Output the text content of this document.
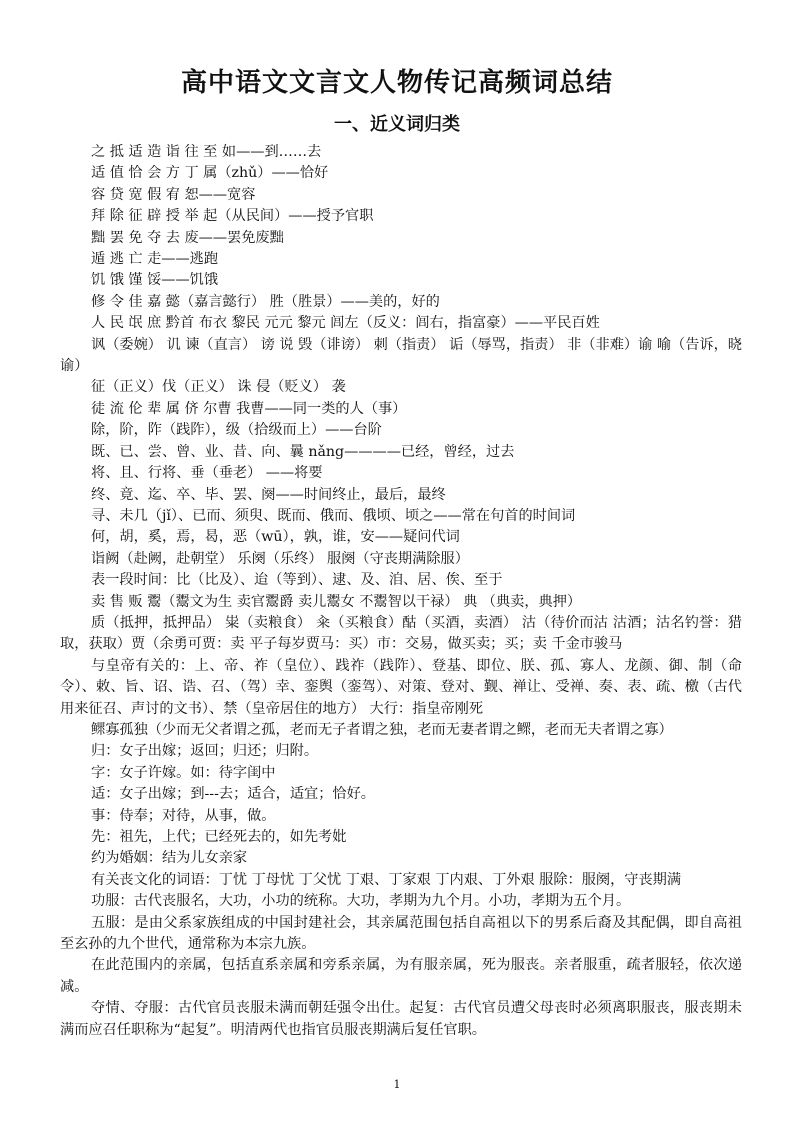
高中语文文言文人物传记高频词总结
一、近义词归类

之 抵 适 造 诣 往 至 如——到……去

适 值 恰 会 方 丁 属（zhǔ）——恰好

容 贷 宽 假 宥 恕——宽容

拜 除 征 辟 授 举 起（从民间）——授予官职

黜 罢 免 夺 去 废——罢免废黜

遁 逃 亡 走——逃跑

饥 饿 馑 馁——饥饿

修 令 佳 嘉 懿（嘉言懿行） 胜（胜景）——美的，好的

人 民 氓 庶 黔首 布衣 黎民 元元 黎元 闾左（反义：闾右，指富豪）——平民百姓

讽（委婉） 讥 谏（直言） 谤 说 毁（诽谤） 刺（指责） 诟（辱骂，指责） 非（非难）谕 喻（告诉，晓谕）

征（正义）伐（正义） 诛 侵（贬义） 袭

徒 流 伦 辈 属 侪 尔曹 我曹——同一类的人（事）

除，阶，阼（践阼），级（拾级而上）——台阶

既、已、尝、曾、业、昔、向、曩 nǎng————已经，曾经，过去

将、且、行将、垂（垂老） ——将要

终、竟、迄、卒、毕、罢、阕——时间终止，最后，最终

寻、未几（jǐ）、已而、须臾、既而、俄而、俄顷、顷之——常在句首的时间词

何，胡，奚，焉，曷，恶（wū），孰，谁，安——疑问代词

诣阙（赴阙，赴朝堂） 乐阕（乐终） 服阕（守丧期满除服）

表一段时间：比（比及）、迨（等到）、逮、及、洎、居、俟、至于

卖 售 贩 鬻（鬻文为生 卖官鬻爵 卖儿鬻女 不鬻智以干禄） 典 （典卖，典押）

质（抵押，抵押品） 粜（卖粮食） 籴（买粮食）酤（买酒，卖酒） 沽（待价而沽 沽酒；沽名钓誉：猎取，获取）贾（余勇可贾：卖 平子每岁贾马：买）市：交易，做买卖；买；卖 千金市骏马

与皇帝有关的：上、帝、祚（皇位）、践祚（践阼）、登基、即位、朕、孤、寡人、龙颜、御、制（命令）、敕、旨、诏、诰、召、（驾）幸、銮舆（銮驾）、对策、登对、觐、禅让、受禅、奏、表、疏、檄（古代用来征召、声讨的文书）、禁（皇帝居住的地方） 大行：指皇帝刚死

鳏寡孤独（少而无父者谓之孤，老而无子者谓之独，老而无妻者谓之鳏，老而无夫者谓之寡）

归：女子出嫁；返回；归还；归附。

字：女子许嫁。如：待字闺中

适：女子出嫁；到---去；适合，适宜；恰好。

事：侍奉；对待，从事，做。

先：祖先，上代；已经死去的，如先考妣

约为婚姻：结为儿女亲家

有关丧文化的词语：丁忧 丁母忧 丁父忧 丁艰、丁家艰 丁内艰、丁外艰 服除：服阕，守丧期满

功服：古代丧服名，大功，小功的统称。大功，孝期为九个月。小功，孝期为五个月。

五服：是由父系家族组成的中国封建社会，其亲属范围包括自高祖以下的男系后裔及其配偶，即自高祖至玄孙的九个世代，通常称为本宗九族。

在此范围内的亲属，包括直系亲属和旁系亲属，为有服亲属，死为服丧。亲者服重，疏者服轻，依次递减。

夺情、夺服：古代官员丧服未满而朝廷强令出仕。起复：古代官员遭父母丧时必须离职服丧，服丧期未满而应召任职称为“起复”。明清两代也指官员服丧期满后复任官职。

1
